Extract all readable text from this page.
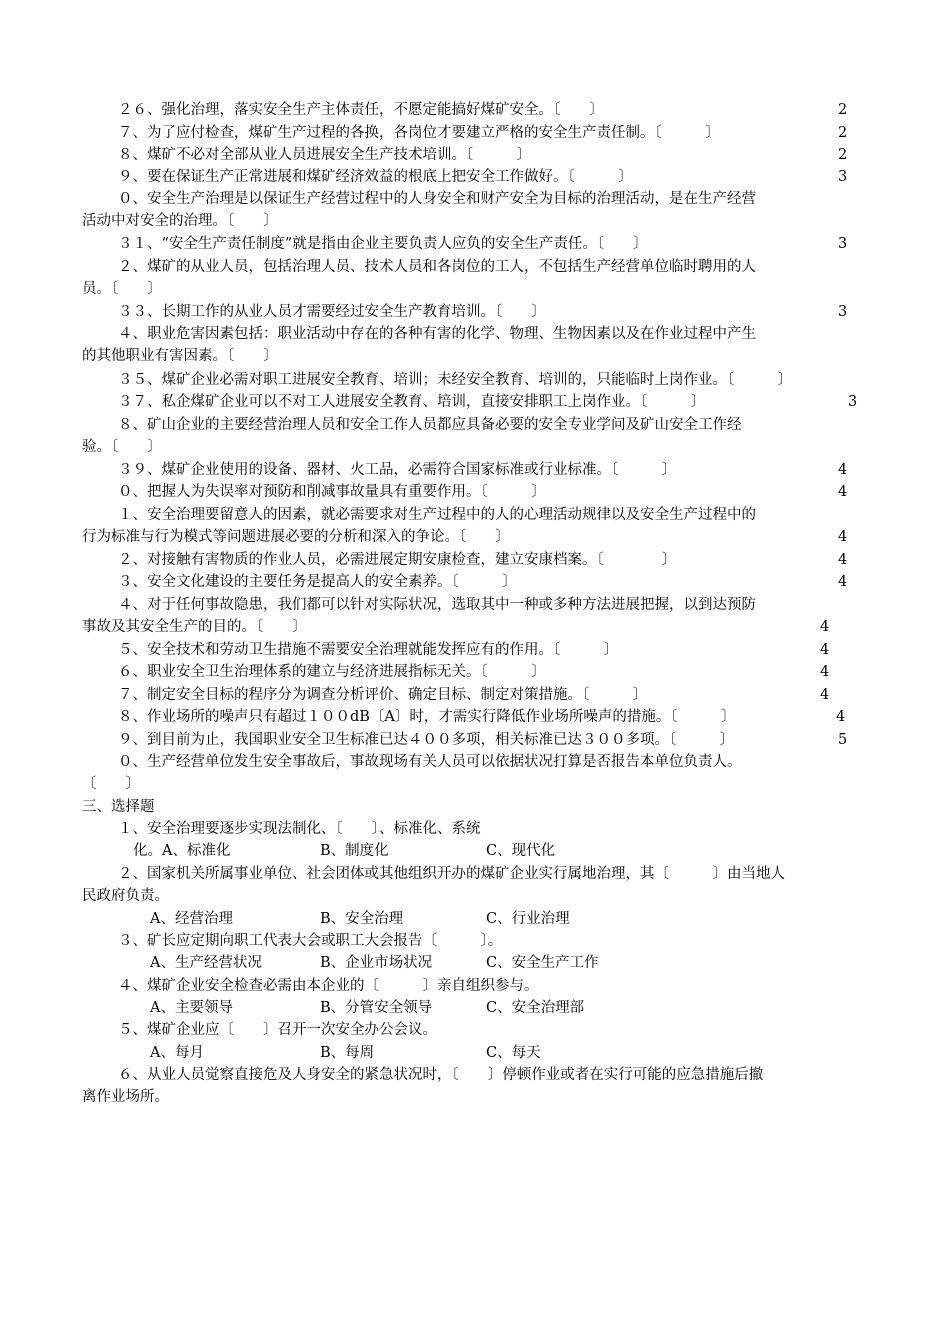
２６、强化治理，落实安全生产主体责任，不愿定能搞好煤矿安全。〔　　〕	2
７、为了应付检查，煤矿生产过程的各换，各岗位才要建立严格的安全生产责任制。〔　　　〕	2
８、煤矿不必对全部从业人员进展安全生产技术培训。〔　　　〕	2
９、要在保证生产正常进展和煤矿经济效益的根底上把安全工作做好。〔　　　〕	3
０、安全生产治理是以保证生产经营过程中的人身安全和财产安全为目标的治理活动，是在生产经营
活动中对安全的治理。〔　　〕
３１、“安全生产责任制度”就是指由企业主要负责人应负的安全生产责任。〔　　〕	3
２、煤矿的从业人员，包括治理人员、技术人员和各岗位的工人，不包括生产经营单位临时聘用的人
员。〔　　〕
３３、长期工作的从业人员才需要经过安全生产教育培训。〔　　〕	3
４、职业危害因素包括：职业活动中存在的各种有害的化学、物理、生物因素以及在作业过程中产生
的其他职业有害因素。〔　　〕
３５、煤矿企业必需对职工进展安全教育、培训；未经安全教育、培训的，只能临时上岗作业。〔　　　〕
３７、私企煤矿企业可以不对工人进展安全教育、培训，直接安排职工上岗作业。〔　　　〕	3
８、矿山企业的主要经营治理人员和安全工作人员都应具备必要的安全专业学问及矿山安全工作经
验。〔　　〕
３９、煤矿企业使用的设备、器材、火工品，必需符合国家标准或行业标准。〔　　　〕	4
０、把握人为失误率对预防和削减事故量具有重要作用。〔　　　〕	4
１、安全治理要留意人的因素，就必需要求对生产过程中的人的心理活动规律以及安全生产过程中的
行为标准与行为模式等问题进展必要的分析和深入的争论。〔　　〕	4
２、对接触有害物质的作业人员，必需进展定期安康检查，建立安康档案。〔　　　　〕	4
３、安全文化建设的主要任务是提高人的安全素养。〔　　　〕	4
４、对于任何事故隐患，我们都可以针对实际状况，选取其中一种或多种方法进展把握，以到达预防
事故及其安全生产的目的。〔　　〕	4
５、安全技术和劳动卫生措施不需要安全治理就能发挥应有的作用。〔　　　〕	4
６、职业安全卫生治理体系的建立与经济进展指标无关。〔　　　〕	4
７、制定安全目标的程序分为调查分析评价、确定目标、制定对策措施。〔　　　〕	4
８、作业场所的噪声只有超过１００dB〔A〕时，才需实行降低作业场所噪声的措施。〔　　　〕	4
９、到目前为止，我国职业安全卫生标准已达４００多项，相关标准已达３００多项。〔　　　〕	5
０、生产经营单位发生安全事故后，事故现场有关人员可以依据状况打算是否报告本单位负责人。
〔　　〕
三、选择题
１、安全治理要逐步实现法制化、〔　　〕、标准化、系统
化。A、标准化	B、制度化	C、现代化
２、国家机关所属事业单位、社会团体或其他组织开办的煤矿企业实行属地治理，其〔　　　〕由当地人
民政府负责。
A、经营治理	B、安全治理	C、行业治理
３、矿长应定期向职工代表大会或职工大会报告〔　　　〕。
A、生产经营状况	B、企业市场状况	C、安全生产工作
４、煤矿企业安全检查必需由本企业的〔　　　〕亲自组织参与。
A、主要领导	B、分管安全领导	C、安全治理部
５、煤矿企业应〔　　〕召开一次安全办公会议。
A、每月	B、每周	C、每天
６、从业人员觉察直接危及人身安全的紧急状况时，〔　　〕停顿作业或者在实行可能的应急措施后撤
离作业场所。
